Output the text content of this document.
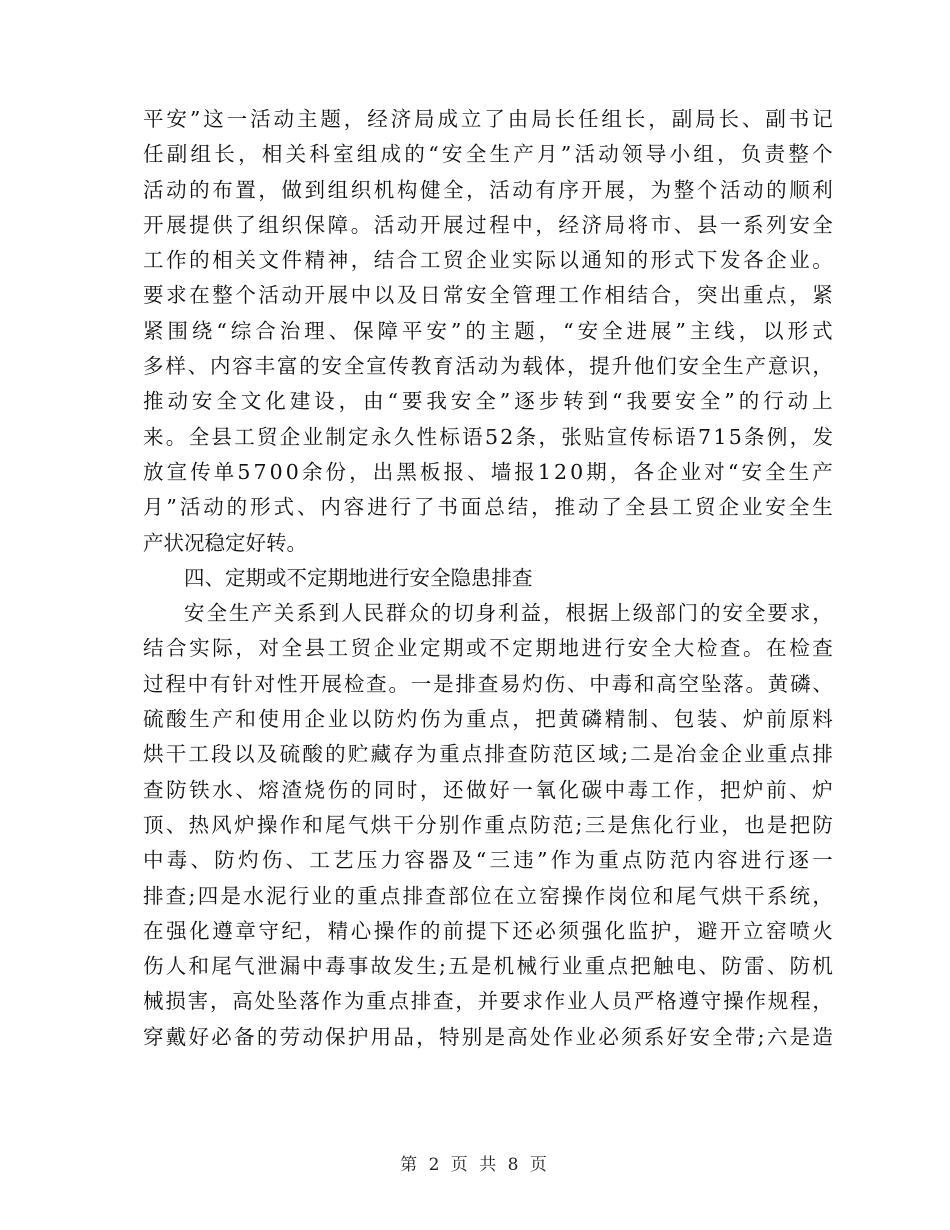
平 安 ” 这 一 活 动 主 题 ， 经 济 局 成 立 了 由 局 长 任 组 长 ， 副 局 长 、 副 书 记
任 副 组 长 ， 相 关 科 室 组 成 的 “ 安 全 生 产 月 ” 活 动 领 导 小 组 ， 负 责 整 个
活 动 的 布 置 ， 做 到 组 织 机 构 健 全 ， 活 动 有 序 开 展 ， 为 整 个 活 动 的 顺 利
开 展 提 供 了 组 织 保 障 。 活 动 开 展 过 程 中 ， 经 济 局 将 市 、 县 一 系 列 安 全
工 作 的 相 关 文 件 精 神 ， 结 合 工 贸 企 业 实 际 以 通 知 的 形 式 下 发 各 企 业 。
要 求 在 整 个 活 动 开 展 中 以 及 日 常 安 全 管 理 工 作 相 结 合 ， 突 出 重 点 ， 紧
紧 围 绕 “ 综 合 治 理 、 保 障 平 安 ” 的 主 题 ， “ 安 全 进 展 ” 主 线 ， 以 形 式
多 样 、 内 容 丰 富 的 安 全 宣 传 教 育 活 动 为 载 体 ， 提 升 他 们 安 全 生 产 意 识 ，
推 动 安 全 文 化 建 设 ， 由 “ 要 我 安 全 ” 逐 步 转 到 “ 我 要 安 全 ” 的 行 动 上
来 。 全 县 工 贸 企 业 制 定 永 久 性 标 语 5 2 条 ， 张 贴 宣 传 标 语 7 1 5 条 例 ， 发
放 宣 传 单 5 7 0 0 余 份 ， 出 黑 板 报 、 墙 报 1 2 0 期 ， 各 企 业 对 “ 安 全 生 产
月 ” 活 动 的 形 式 、 内 容 进 行 了 书 面 总 结 ， 推 动 了 全 县 工 贸 企 业 安 全 生
产状况稳定好转。
四、定期或不定期地进行安全隐患排查
安 全 生 产 关 系 到 人 民 群 众 的 切 身 利 益 ， 根 据 上 级 部 门 的 安 全 要 求 ，
结 合 实 际 ， 对 全 县 工 贸 企 业 定 期 或 不 定 期 地 进 行 安 全 大 检 查 。 在 检 查
过 程 中 有 针 对 性 开 展 检 查 。 一 是 排 查 易 灼 伤 、 中 毒 和 高 空 坠 落 。 黄 磷 、
硫 酸 生 产 和 使 用 企 业 以 防 灼 伤 为 重 点 ， 把 黄 磷 精 制 、 包 装 、 炉 前 原 料
烘 干 工 段 以 及 硫 酸 的 贮 藏 存 为 重 点 排 查 防 范 区 域 ; 二 是 冶 金 企 业 重 点 排
查 防 铁 水 、 熔 渣 烧 伤 的 同 时 ， 还 做 好 一 氧 化 碳 中 毒 工 作 ， 把 炉 前 、 炉
顶 、 热 风 炉 操 作 和 尾 气 烘 干 分 别 作 重 点 防 范 ; 三 是 焦 化 行 业 ， 也 是 把 防
中 毒 、 防 灼 伤 、 工 艺 压 力 容 器 及 “ 三 违 ” 作 为 重 点 防 范 内 容 进 行 逐 一
排 查 ; 四 是 水 泥 行 业 的 重 点 排 查 部 位 在 立 窑 操 作 岗 位 和 尾 气 烘 干 系 统 ，
在 强 化 遵 章 守 纪 ， 精 心 操 作 的 前 提 下 还 必 须 强 化 监 护 ， 避 开 立 窑 喷 火
伤 人 和 尾 气 泄 漏 中 毒 事 故 发 生 ; 五 是 机 械 行 业 重 点 把 触 电 、 防 雷 、 防 机
械 损 害 ， 高 处 坠 落 作 为 重 点 排 查 ， 并 要 求 作 业 人 员 严 格 遵 守 操 作 规 程 ，
穿 戴 好 必 备 的 劳 动 保 护 用 品 ， 特 别 是 高 处 作 业 必 须 系 好 安 全 带 ; 六 是 造
第 2 页 共 8 页
